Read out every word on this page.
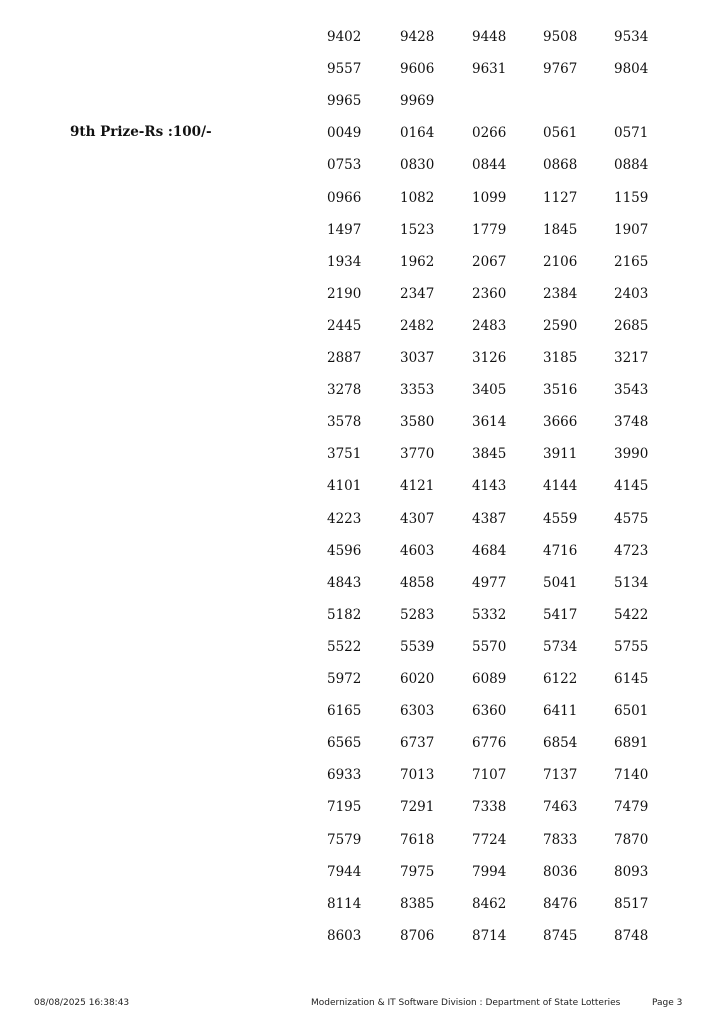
9th Prize-Rs :100/-
9402	9428	9448	9508	9534
9557	9606	9631	9767	9804
9965	9969
0049	0164	0266	0561	0571
0753	0830	0844	0868	0884
0966	1082	1099	1127	1159
1497	1523	1779	1845	1907
1934	1962	2067	2106	2165
2190	2347	2360	2384	2403
2445	2482	2483	2590	2685
2887	3037	3126	3185	3217
3278	3353	3405	3516	3543
3578	3580	3614	3666	3748
3751	3770	3845	3911	3990
4101	4121	4143	4144	4145
4223	4307	4387	4559	4575
4596	4603	4684	4716	4723
4843	4858	4977	5041	5134
5182	5283	5332	5417	5422
5522	5539	5570	5734	5755
5972	6020	6089	6122	6145
6165	6303	6360	6411	6501
6565	6737	6776	6854	6891
6933	7013	7107	7137	7140
7195	7291	7338	7463	7479
7579	7618	7724	7833	7870
7944	7975	7994	8036	8093
8114	8385	8462	8476	8517
8603	8706	8714	8745	8748
08/08/2025 16:38:43	Modernization & IT Software Division : Department of State Lotteries	Page 3
